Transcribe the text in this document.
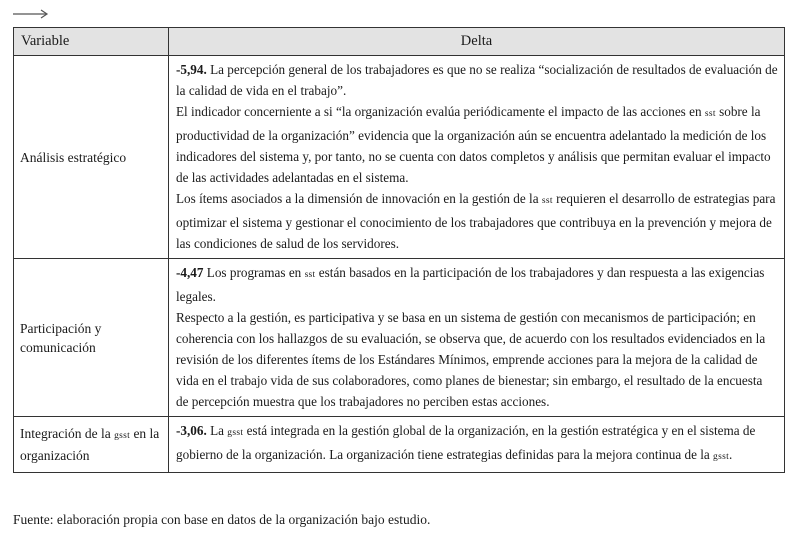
Variable	Delta
Análisis estratégico	-5,94. La percepción general de los trabajadores es que no se realiza “socialización de resultados de evaluación de la calidad de vida en el trabajo”.

El indicador concerniente a si “la organización evalúa periódicamente el impacto de las acciones en sst sobre la productividad de la organización” evidencia que la organización aún se encuentra adelantado la medición de los indicadores del sistema y, por tanto, no se cuenta con datos completos y análisis que permitan evaluar el impacto de las actividades adelantadas en el sistema.

Los ítems asociados a la dimensión de innovación en la gestión de la sst requieren el desarrollo de estrategias para optimizar el sistema y gestionar el conocimiento de los trabajadores que contribuya en la prevención y mejora de las condiciones de salud de los servidores.

Participación y comunicación	-4,47 Los programas en sst están basados en la participación de los trabajadores y dan respuesta a las exigencias legales.

Respecto a la gestión, es participativa y se basa en un sistema de gestión con mecanismos de participación; en coherencia con los hallazgos de su evaluación, se observa que, de acuerdo con los resultados evidenciados en la revisión de los diferentes ítems de los Estándares Mínimos, emprende acciones para la mejora de la calidad de vida en el trabajo vida de sus colaboradores, como planes de bienestar; sin embargo, el resultado de la encuesta de percepción muestra que los trabajadores no perciben estas acciones.

Integración de la gsst en la organización	-3,06. La gsst está integrada en la gestión global de la organización, en la gestión estratégica y en el sistema de gobierno de la organización. La organización tiene estrategias definidas para la mejora continua de la gsst.

Fuente: elaboración propia con base en datos de la organización bajo estudio.
